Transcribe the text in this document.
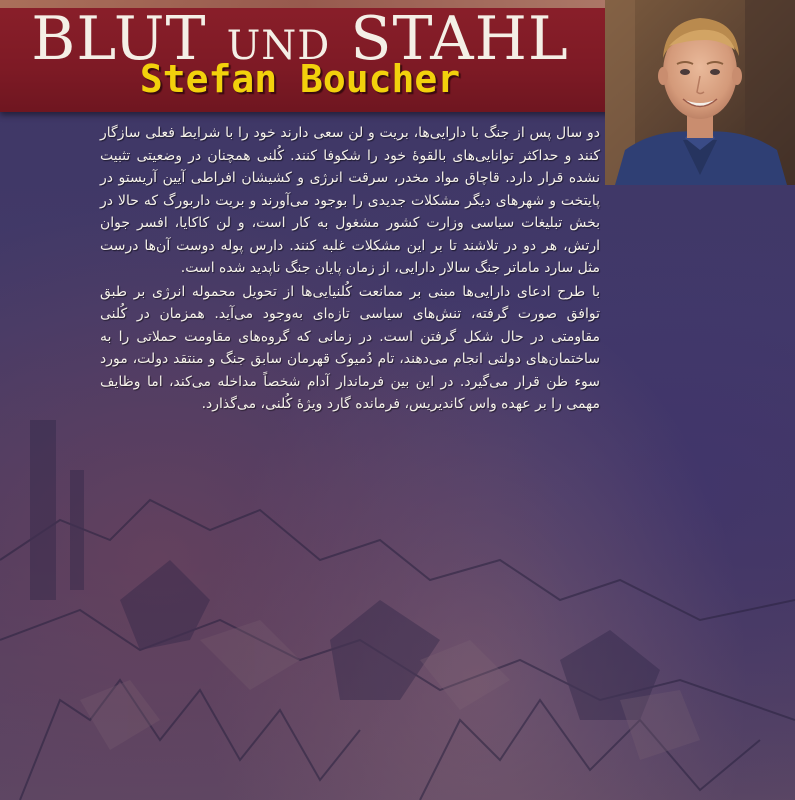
BLUT UND STAHL
Stefan Boucher

دو سال پس از جنگ با دارایی‌ها، بریت و لن سعی دارند خود را با شرایط فعلی سازگار کنند و حداکثر توانایی‌های بالقوهٔ خود را شکوفا کنند. کُلنی همچنان در وضعیتی تثبیت نشده قرار دارد. قاچاق مواد مخدر، سرقت انرژی و کشیشان افراطی آیین آریستو در پایتخت و شهرهای دیگر مشکلات جدیدی را بوجود می‌آورند و بریت داربورگ که حالا در بخش تبلیغات سیاسی وزارت کشور مشغول به کار است، و لن کاکایا، افسر جوان ارتش، هر دو در تلاشند تا بر این مشکلات غلبه کنند. دارس پوله دوست آن‌ها درست مثل سارد ماماتر جنگ سالار دارایی، از زمان پایان جنگ ناپدید شده است.

با طرح ادعای دارایی‌ها مبنی بر ممانعت کُلنیایی‌ها از تحویل محموله انرژی بر طبق توافق صورت گرفته، تنش‌های سیاسی تازه‌ای به‌وجود می‌آید. همزمان در کُلنی مقاومتی در حال شکل گرفتن است. در زمانی که گروه‌های مقاومت حملاتی را به ساختمان‌های دولتی انجام می‌دهند، تام دُمیوک قهرمان سابق جنگ و منتقد دولت، مورد سوء ظن قرار می‌گیرد. در این بین فرماندار آدام شخصاً مداخله می‌کند، اما وظایف مهمی را بر عهده واس کاندیریس، فرمانده گارد ویژهٔ کُلنی، می‌گذارد.
